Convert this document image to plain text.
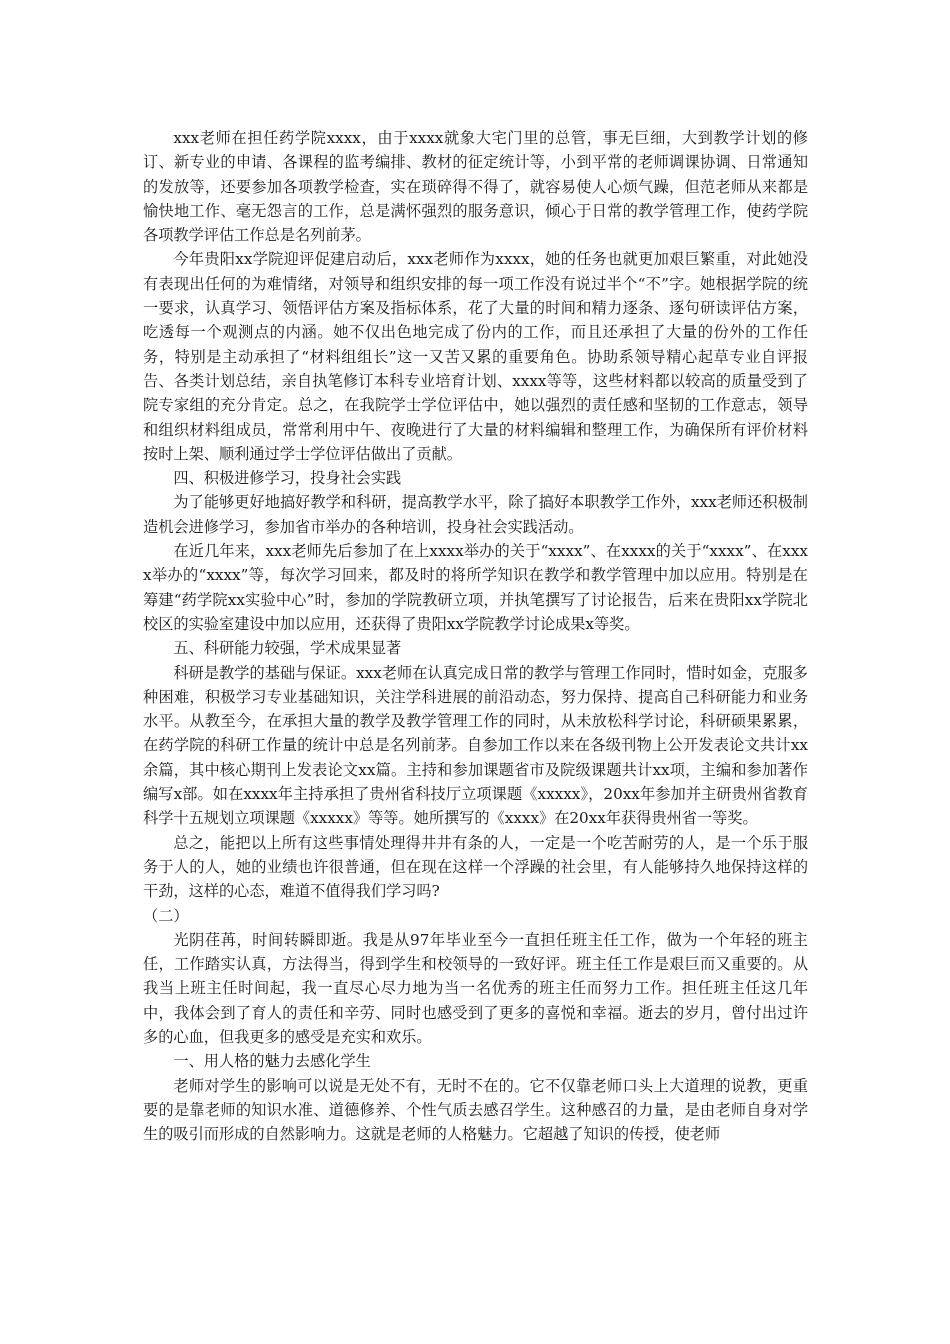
xxx老师在担任药学院xxxx，由于xxxx就象大宅门里的总管，事无巨细，大到教学计划的修订、新专业的申请、各课程的监考编排、教材的征定统计等，小到平常的老师调课协调、日常通知的发放等，还要参加各项教学检查，实在琐碎得不得了，就容易使人心烦气躁，但范老师从来都是愉快地工作、毫无怨言的工作，总是满怀强烈的服务意识，倾心于日常的教学管理工作，使药学院各项教学评估工作总是名列前茅。

今年贵阳xx学院迎评促建启动后，xxx老师作为xxxx，她的任务也就更加艰巨繁重，对此她没有表现出任何的为难情绪，对领导和组织安排的每一项工作没有说过半个“不”字。她根据学院的统一要求，认真学习、领悟评估方案及指标体系，花了大量的时间和精力逐条、逐句研读评估方案，吃透每一个观测点的内涵。她不仅出色地完成了份内的工作，而且还承担了大量的份外的工作任务，特别是主动承担了“材料组组长”这一又苦又累的重要角色。协助系领导精心起草专业自评报告、各类计划总结，亲自执笔修订本科专业培育计划、xxxx等等，这些材料都以较高的质量受到了院专家组的充分肯定。总之，在我院学士学位评估中，她以强烈的责任感和坚韧的工作意志，领导和组织材料组成员，常常利用中午、夜晚进行了大量的材料编辑和整理工作，为确保所有评价材料按时上架、顺利通过学士学位评估做出了贡献。

四、积极进修学习，投身社会实践

为了能够更好地搞好教学和科研，提高教学水平，除了搞好本职教学工作外，xxx老师还积极制造机会进修学习，参加省市举办的各种培训，投身社会实践活动。

在近几年来，xxx老师先后参加了在上xxxx举办的关于“xxxx”、在xxxx的关于“xxxx”、在xxxx举办的“xxxx”等，每次学习回来，都及时的将所学知识在教学和教学管理中加以应用。特别是在筹建“药学院xx实验中心”时，参加的学院教研立项，并执笔撰写了讨论报告，后来在贵阳xx学院北校区的实验室建设中加以应用，还获得了贵阳xx学院教学讨论成果x等奖。

五、科研能力较强，学术成果显著

科研是教学的基础与保证。xxx老师在认真完成日常的教学与管理工作同时，惜时如金，克服多种困难，积极学习专业基础知识，关注学科进展的前沿动态，努力保持、提高自己科研能力和业务水平。从教至今，在承担大量的教学及教学管理工作的同时，从未放松科学讨论，科研硕果累累，在药学院的科研工作量的统计中总是名列前茅。自参加工作以来在各级刊物上公开发表论文共计xx余篇，其中核心期刊上发表论文xx篇。主持和参加课题省市及院级课题共计xx项，主编和参加著作编写x部。如在xxxx年主持承担了贵州省科技厅立项课题《xxxxx》，20xx年参加并主研贵州省教育科学十五规划立项课题《xxxxx》等等。她所撰写的《xxxx》在20xx年获得贵州省一等奖。

总之，能把以上所有这些事情处理得井井有条的人，一定是一个吃苦耐劳的人，是一个乐于服务于人的人，她的业绩也许很普通，但在现在这样一个浮躁的社会里，有人能够持久地保持这样的干劲，这样的心态，难道不值得我们学习吗?

（二）

光阴荏苒，时间转瞬即逝。我是从97年毕业至今一直担任班主任工作，做为一个年轻的班主任，工作踏实认真，方法得当，得到学生和校领导的一致好评。班主任工作是艰巨而又重要的。从我当上班主任时间起，我一直尽心尽力地为当一名优秀的班主任而努力工作。担任班主任这几年中，我体会到了育人的责任和辛劳、同时也感受到了更多的喜悦和幸福。逝去的岁月，曾付出过许多的心血，但我更多的感受是充实和欢乐。

一、用人格的魅力去感化学生

老师对学生的影响可以说是无处不有，无时不在的。它不仅靠老师口头上大道理的说教，更重要的是靠老师的知识水准、道德修养、个性气质去感召学生。这种感召的力量，是由老师自身对学生的吸引而形成的自然影响力。这就是老师的人格魅力。它超越了知识的传授，使老师
